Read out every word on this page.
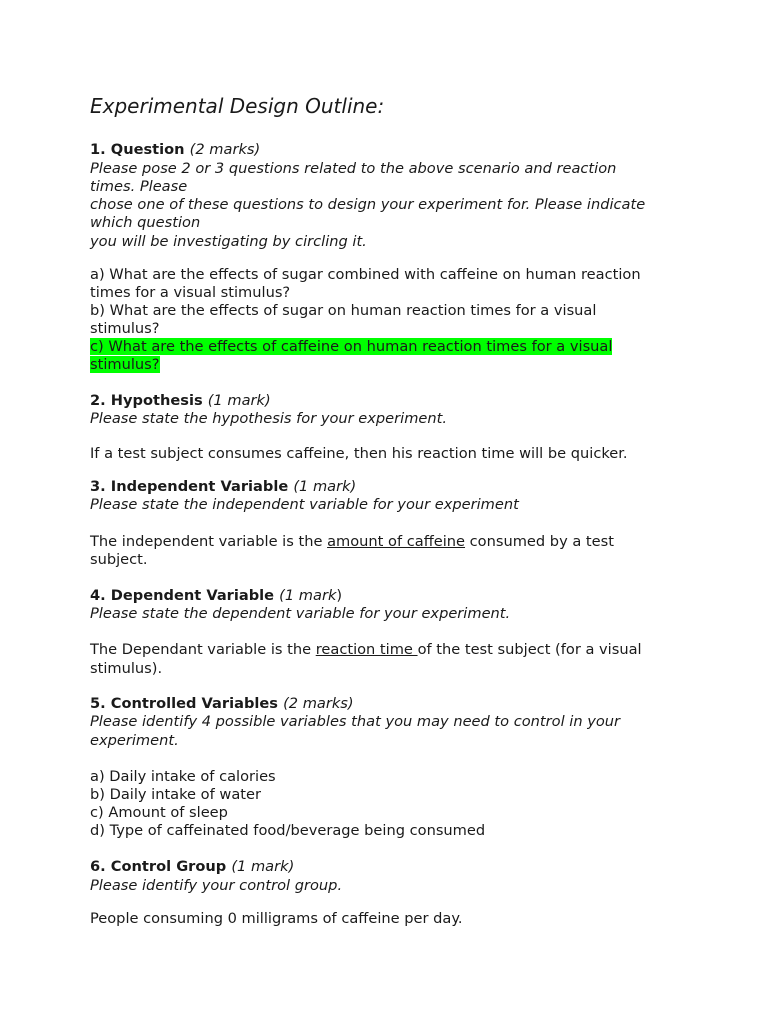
Experimental Design Outline:

1. Question (2 marks)

Please pose 2 or 3 questions related to the above scenario and reaction

times. Please

chose one of these questions to design your experiment for. Please indicate

which question

you will be investigating by circling it.

a) What are the effects of sugar combined with caffeine on human reaction

times for a visual stimulus?

b) What are the effects of sugar on human reaction times for a visual

stimulus?

c) What are the effects of caffeine on human reaction times for a visual

stimulus?

2. Hypothesis (1 mark)

Please state the hypothesis for your experiment.

If a test subject consumes caffeine, then his reaction time will be quicker.

3. Independent Variable (1 mark)

Please state the independent variable for your experiment

The independent variable is the amount of caffeine consumed by a test

subject.

4. Dependent Variable (1 mark)

Please state the dependent variable for your experiment.

The Dependant variable is the reaction time of the test subject (for a visual

stimulus).

5. Controlled Variables (2 marks)

Please identify 4 possible variables that you may need to control in your

experiment.

a) Daily intake of calories

b) Daily intake of water

c) Amount of sleep

d) Type of caffeinated food/beverage being consumed

6. Control Group (1 mark)

Please identify your control group.

People consuming 0 milligrams of caffeine per day.
